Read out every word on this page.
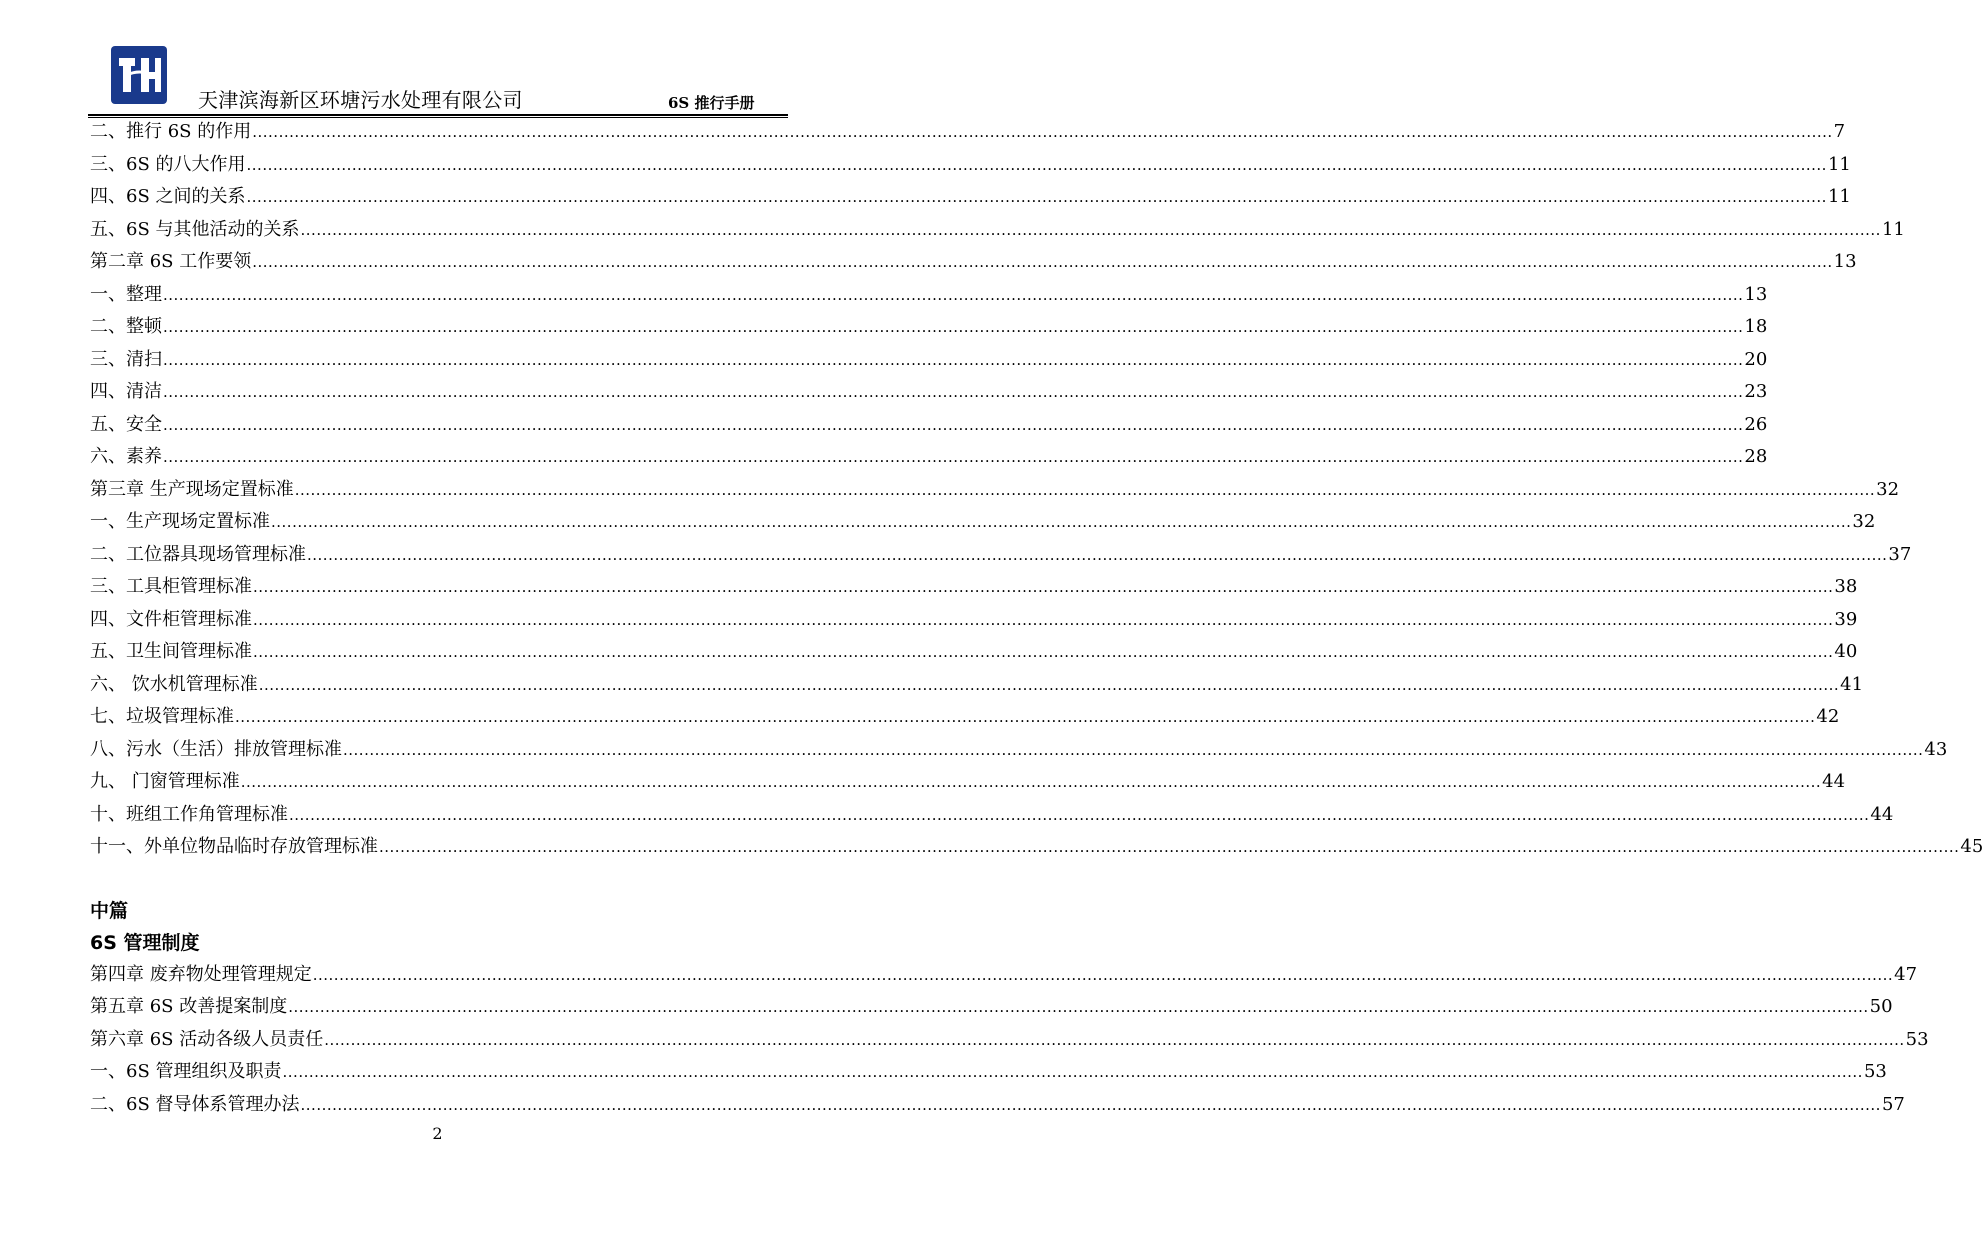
天津滨海新区环塘污水处理有限公司	6S 推行手册
二、推行 6S 的作用 ............................................................................................................................................................................................................................................................................................................ 7
三、6S 的八大作用 ............................................................................................................................................................................................................................................................................................................ 11
四、6S 之间的关系 ............................................................................................................................................................................................................................................................................................................ 11
五、6S 与其他活动的关系 ............................................................................................................................................................................................................................................................................................................ 11
第二章 6S 工作要领 ............................................................................................................................................................................................................................................................................................................ 13
一、整理 ............................................................................................................................................................................................................................................................................................................ 13
二、整顿 ............................................................................................................................................................................................................................................................................................................ 18
三、清扫 ............................................................................................................................................................................................................................................................................................................ 20
四、清洁 ............................................................................................................................................................................................................................................................................................................ 23
五、安全 ............................................................................................................................................................................................................................................................................................................ 26
六、素养 ............................................................................................................................................................................................................................................................................................................ 28
第三章 生产现场定置标准 ............................................................................................................................................................................................................................................................................................................ 32
一、生产现场定置标准 ............................................................................................................................................................................................................................................................................................................ 32
二、工位器具现场管理标准 ............................................................................................................................................................................................................................................................................................................ 37
三、工具柜管理标准 ............................................................................................................................................................................................................................................................................................................ 38
四、文件柜管理标准 ............................................................................................................................................................................................................................................................................................................ 39
五、卫生间管理标准 ............................................................................................................................................................................................................................................................................................................ 40
六、 饮水机管理标准 ............................................................................................................................................................................................................................................................................................................ 41
七、垃圾管理标准 ............................................................................................................................................................................................................................................................................................................ 42
八、污水（生活）排放管理标准 ............................................................................................................................................................................................................................................................................................................ 43
九、 门窗管理标准 ............................................................................................................................................................................................................................................................................................................ 44
十、班组工作角管理标准 ............................................................................................................................................................................................................................................................................................................ 44
十一、外单位物品临时存放管理标准 ............................................................................................................................................................................................................................................................................................................ 45
中篇
6S 管理制度
第四章 废弃物处理管理规定 ............................................................................................................................................................................................................................................................................................................ 47
第五章 6S 改善提案制度 ............................................................................................................................................................................................................................................................................................................ 50
第六章 6S 活动各级人员责任 ............................................................................................................................................................................................................................................................................................................ 53
一、6S 管理组织及职责 ............................................................................................................................................................................................................................................................................................................ 53
二、6S 督导体系管理办法 ............................................................................................................................................................................................................................................................................................................ 57
2
